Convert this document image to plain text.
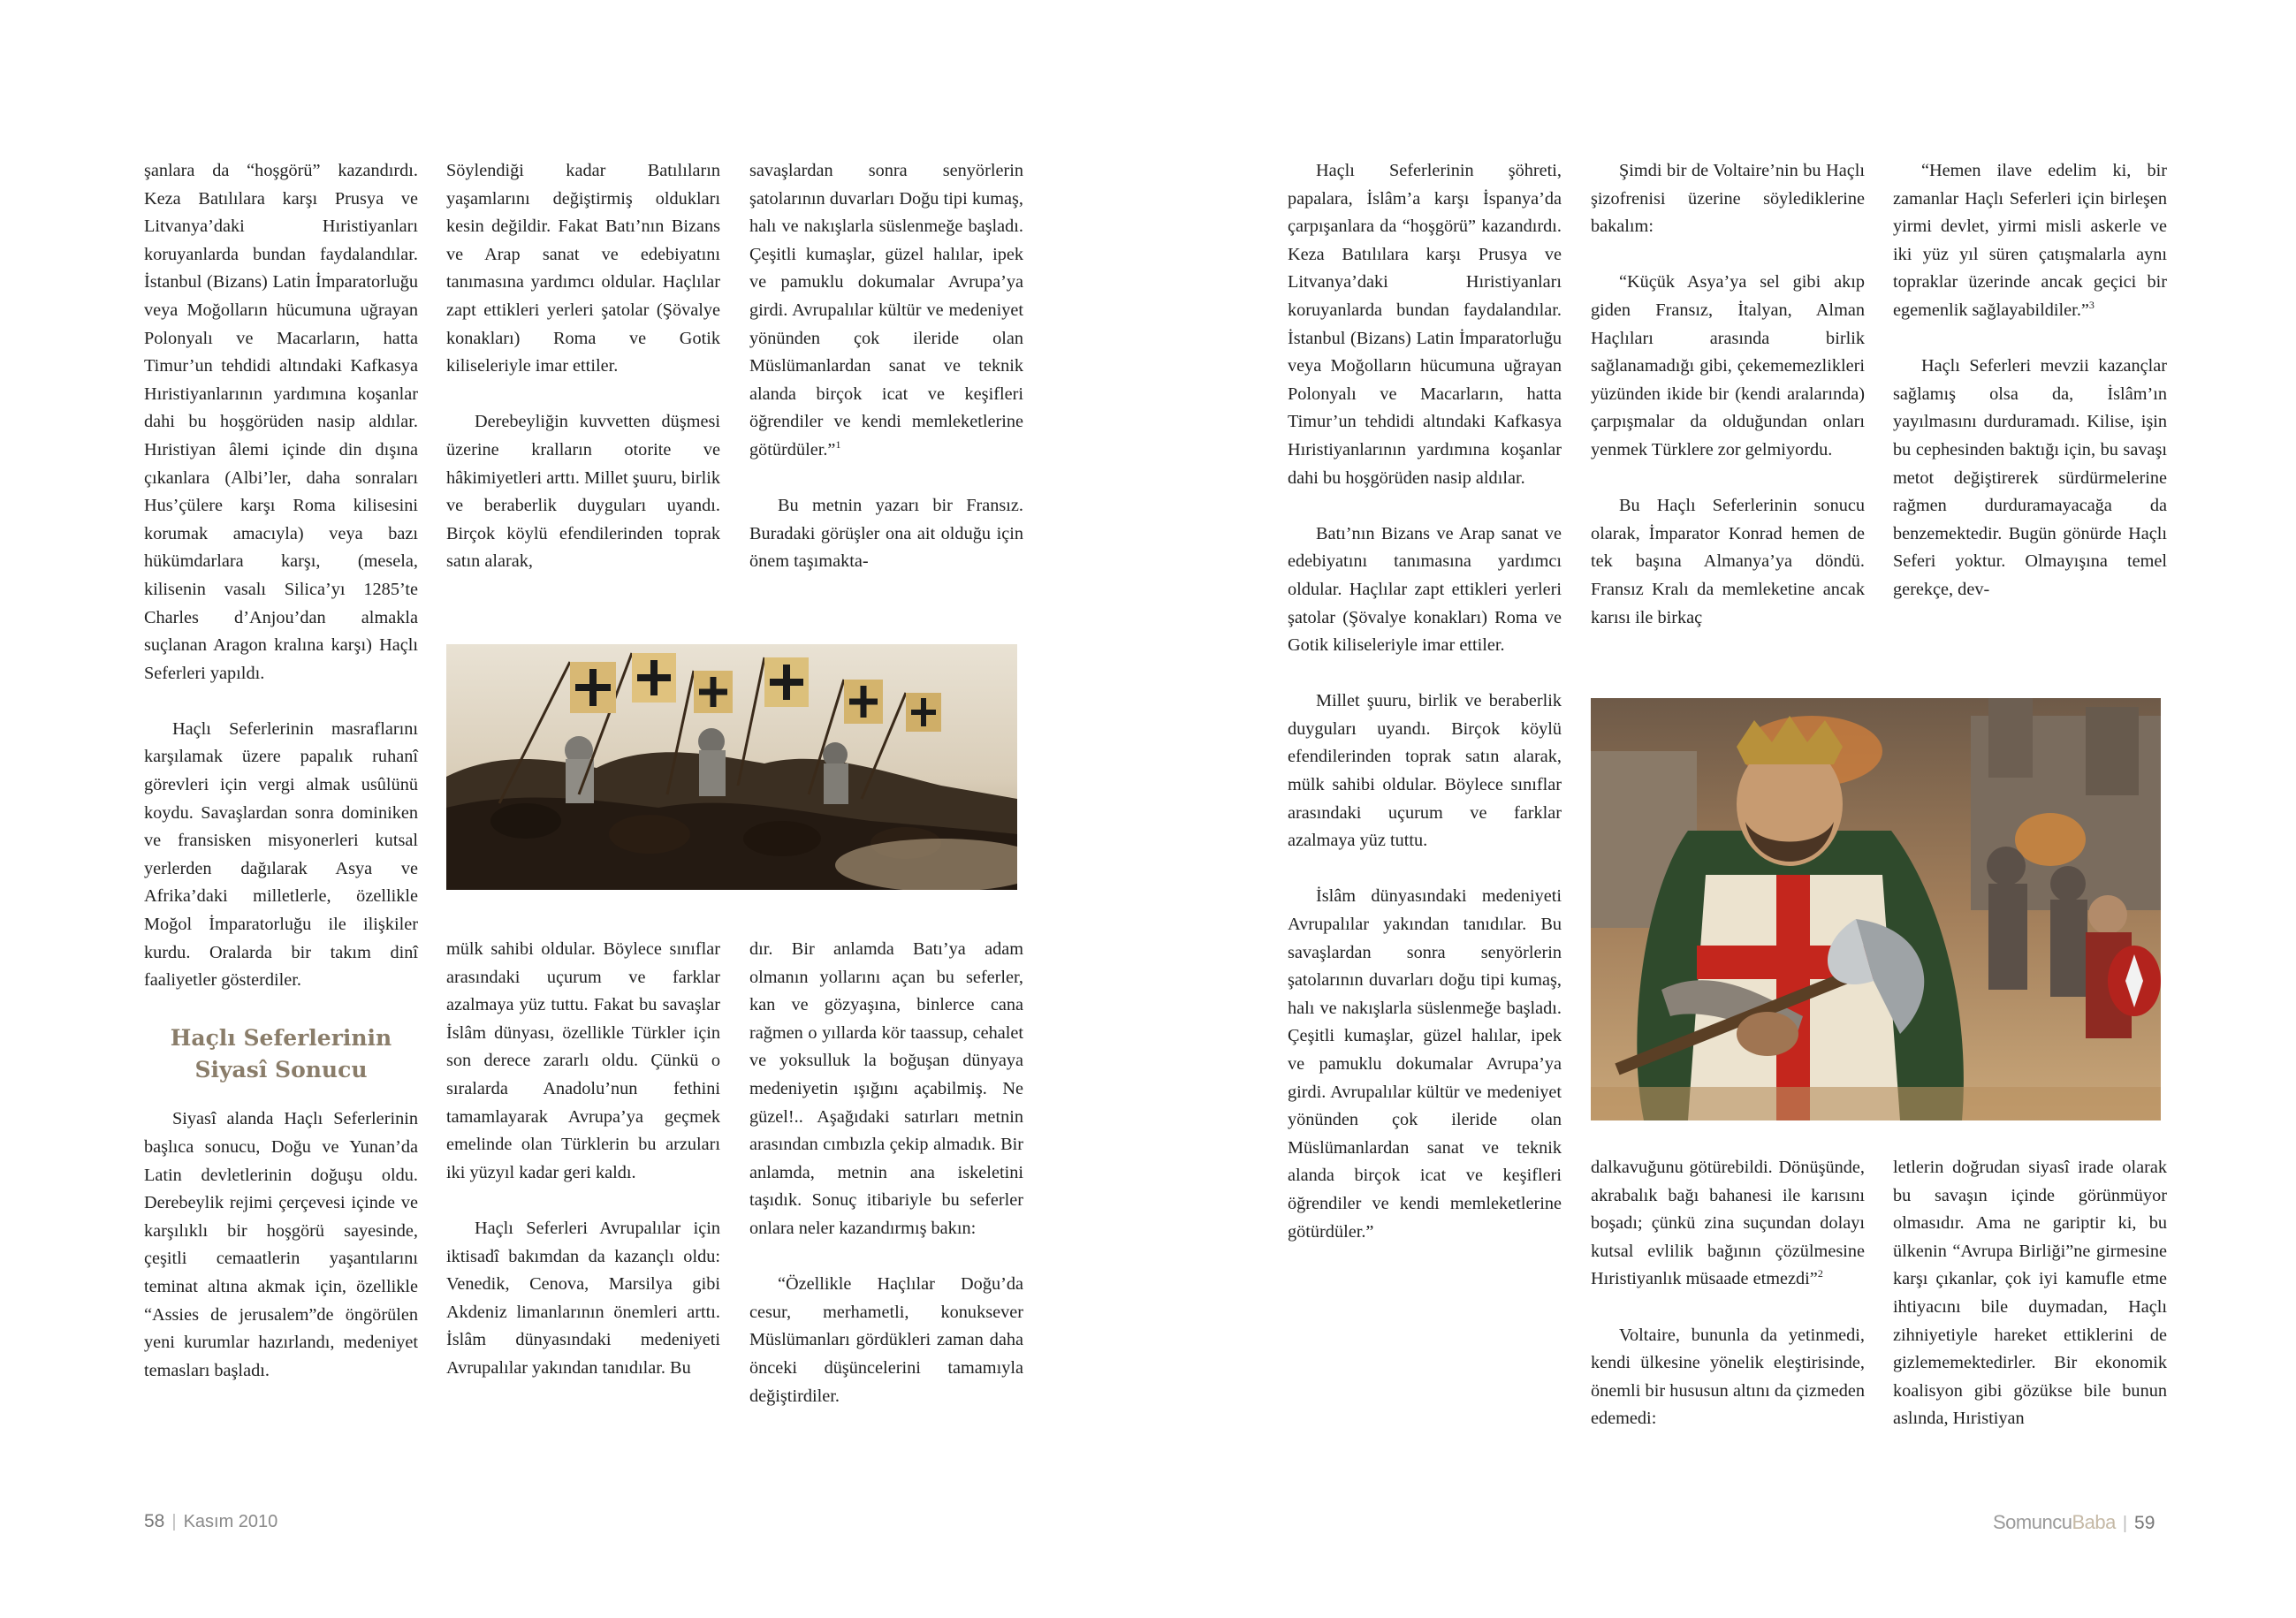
şanlara da “hoşgörü” kazandırdı. Keza Batılılara karşı Prusya ve Litvanya’daki Hıristiyanları koruyanlarda bundan faydalandılar. İstanbul (Bizans) Latin İmparatorluğu veya Moğolların hücumuna uğrayan Polonyalı ve Macarların, hatta Timur’un tehdidi altındaki Kafkasya Hıristiyanlarının yardımına koşanlar dahi bu hoşgörüden nasip aldılar. Hıristiyan âlemi içinde din dışına çıkanlara (Albi’ler, daha sonraları Hus’çülere karşı Roma kilisesini korumak amacıyla) veya bazı hükümdarlara karşı, (mesela, kilisenin vasalı Silica’yı 1285’te Charles d’Anjou’dan almakla suçlanan Aragon kralına karşı) Haçlı Seferleri yapıldı.

Haçlı Seferlerinin masraflarını karşılamak üzere papalık ruhanî görevleri için vergi almak usûlünü koydu. Savaşlardan sonra dominiken ve fransisken misyonerleri kutsal yerlerden dağılarak Asya ve Afrika’daki milletlerle, özellikle Moğol İmparatorluğu ile ilişkiler kurdu. Oralarda bir takım dinî faaliyetler gösterdiler.

Haçlı Seferlerinin
Siyasî Sonucu

Siyasî alanda Haçlı Seferlerinin başlıca sonucu, Doğu ve Yunan’da Latin devletlerinin doğuşu oldu. Derebeylik rejimi çerçevesi içinde ve karşılıklı bir hoşgörü sayesinde, çeşitli cemaatlerin yaşantılarını teminat altına akmak için, özellikle “Assies de jerusalem”de öngörülen yeni kurumlar hazırlandı, medeniyet temasları başladı.

Söylendiği kadar Batılıların yaşamlarını değiştirmiş oldukları kesin değildir. Fakat Batı’nın Bizans ve Arap sanat ve edebiyatını tanımasına yardımcı oldular. Haçlılar zapt ettikleri yerleri şatolar (Şövalye konakları) Roma ve Gotik kiliseleriyle imar ettiler.

Derebeyliğin kuvvetten düşmesi üzerine kralların otorite ve hâkimiyetleri arttı. Millet şuuru, birlik ve beraberlik duyguları uyandı. Birçok köylü efendilerinden toprak satın alarak,

savaşlardan sonra senyörlerin şatolarının duvarları Doğu tipi kumaş, halı ve nakışlarla süslenmeğe başladı. Çeşitli kumaşlar, güzel halılar, ipek ve pamuklu dokumalar Avrupa’ya girdi. Avrupalılar kültür ve medeniyet yönünden çok ileride olan Müslümanlardan sanat ve teknik alanda birçok icat ve keşifleri öğrendiler ve kendi memleketlerine götürdüler.”$^1$

Bu metnin yazarı bir Fransız. Buradaki görüşler ona ait olduğu için önem taşımakta-

mülk sahibi oldular. Böylece sınıflar arasındaki uçurum ve farklar azalmaya yüz tuttu. Fakat bu savaşlar İslâm dünyası, özellikle Türkler için son derece zararlı oldu. Çünkü o sıralarda Anadolu’nun fethini tamamlayarak Avrupa’ya geçmek emelinde olan Türklerin bu arzuları iki yüzyıl kadar geri kaldı.

Haçlı Seferleri Avrupalılar için iktisadî bakımdan da kazançlı oldu: Venedik, Cenova, Marsilya gibi Akdeniz limanlarının önemleri arttı. İslâm dünyasındaki medeniyeti Avrupalılar yakından tanıdılar. Bu

dır. Bir anlamda Batı’ya adam olmanın yollarını açan bu seferler, kan ve gözyaşına, binlerce cana rağmen o yıllarda kör taassup, cehalet ve yoksulluk la boğuşan dünyaya medeniyetin ışığını açabilmiş. Ne güzel!.. Aşağıdaki satırları metnin arasından cımbızla çekip almadık. Bir anlamda, metnin ana iskeletini taşıdık. Sonuç itibariyle bu seferler onlara neler kazandırmış bakın:

“Özellikle Haçlılar Doğu’da cesur, merhametli, konuksever Müslümanları gördükleri zaman daha önceki düşüncelerini tamamıyla değiştirdiler.

58 | Kasım 2010

Haçlı Seferlerinin şöhreti, papalara, İslâm’a karşı İspanya’da çarpışanlara da “hoşgörü” kazandırdı. Keza Batılılara karşı Prusya ve Litvanya’daki Hıristiyanları koruyanlarda bundan faydalandılar. İstanbul (Bizans) Latin İmparatorluğu veya Moğolların hücumuna uğrayan Polonyalı ve Macarların, hatta Timur’un tehdidi altındaki Kafkasya Hıristiyanlarının yardımına koşanlar dahi bu hoşgörüden nasip aldılar.

Batı’nın Bizans ve Arap sanat ve edebiyatını tanımasına yardımcı oldular. Haçlılar zapt ettikleri yerleri şatolar (Şövalye konakları) Roma ve Gotik kiliseleriyle imar ettiler.

Millet şuuru, birlik ve beraberlik duyguları uyandı. Birçok köylü efendilerinden toprak satın alarak, mülk sahibi oldular. Böylece sınıflar arasındaki uçurum ve farklar azalmaya yüz tuttu.

İslâm dünyasındaki medeniyeti Avrupalılar yakından tanıdılar. Bu savaşlardan sonra senyörlerin şatolarının duvarları doğu tipi kumaş, halı ve nakışlarla süslenmeğe başladı. Çeşitli kumaşlar, güzel halılar, ipek ve pamuklu dokumalar Avrupa’ya girdi. Avrupalılar kültür ve medeniyet yönünden çok ileride olan Müslümanlardan sanat ve teknik alanda birçok icat ve keşifleri öğrendiler ve kendi memleketlerine götürdüler.”

Şimdi bir de Voltaire’nin bu Haçlı şizofrenisi üzerine söylediklerine bakalım:

“Küçük Asya’ya sel gibi akıp giden Fransız, İtalyan, Alman Haçlıları arasında birlik sağlanamadığı gibi, çekememezlikleri yüzünden ikide bir (kendi aralarında) çarpışmalar da olduğundan onları yenmek Türklere zor gelmiyordu.

Bu Haçlı Seferlerinin sonucu olarak, İmparator Konrad hemen de tek başına Almanya’ya döndü. Fransız Kralı da memleketine ancak karısı ile birkaç

“Hemen ilave edelim ki, bir zamanlar Haçlı Seferleri için birleşen yirmi devlet, yirmi misli askerle ve iki yüz yıl süren çatışmalarla aynı topraklar üzerinde ancak geçici bir egemenlik sağlayabildiler.”$^3$

Haçlı Seferleri mevzii kazançlar sağlamış olsa da, İslâm’ın yayılmasını durduramadı. Kilise, işin bu cephesinden baktığı için, bu savaşı metot değiştirerek sürdürmelerine rağmen durduramayacağa da benzemektedir. Bugün gönürde Haçlı Seferi yoktur. Olmayışına temel gerekçe, dev-

dalkavuğunu götürebildi. Dönüşünde, akrabalık bağı bahanesi ile karısını boşadı; çünkü zina suçundan dolayı kutsal evlilik bağının çözülmesine Hıristiyanlık müsaade etmezdi”$^2$

Voltaire, bununla da yetinmedi, kendi ülkesine yönelik eleştirisinde, önemli bir hususun altını da çizmeden edemedi:

letlerin doğrudan siyasî irade olarak bu savaşın içinde görünmüyor olmasıdır. Ama ne gariptir ki, bu ülkenin “Avrupa Birliği”ne girmesine karşı çıkanlar, çok iyi kamufle etme ihtiyacını bile duymadan, Haçlı zihniyetiyle hareket ettiklerini de gizlememektedirler. Bir ekonomik koalisyon gibi gözükse bile bunun aslında, Hıristiyan

SomuncuBaba | 59
